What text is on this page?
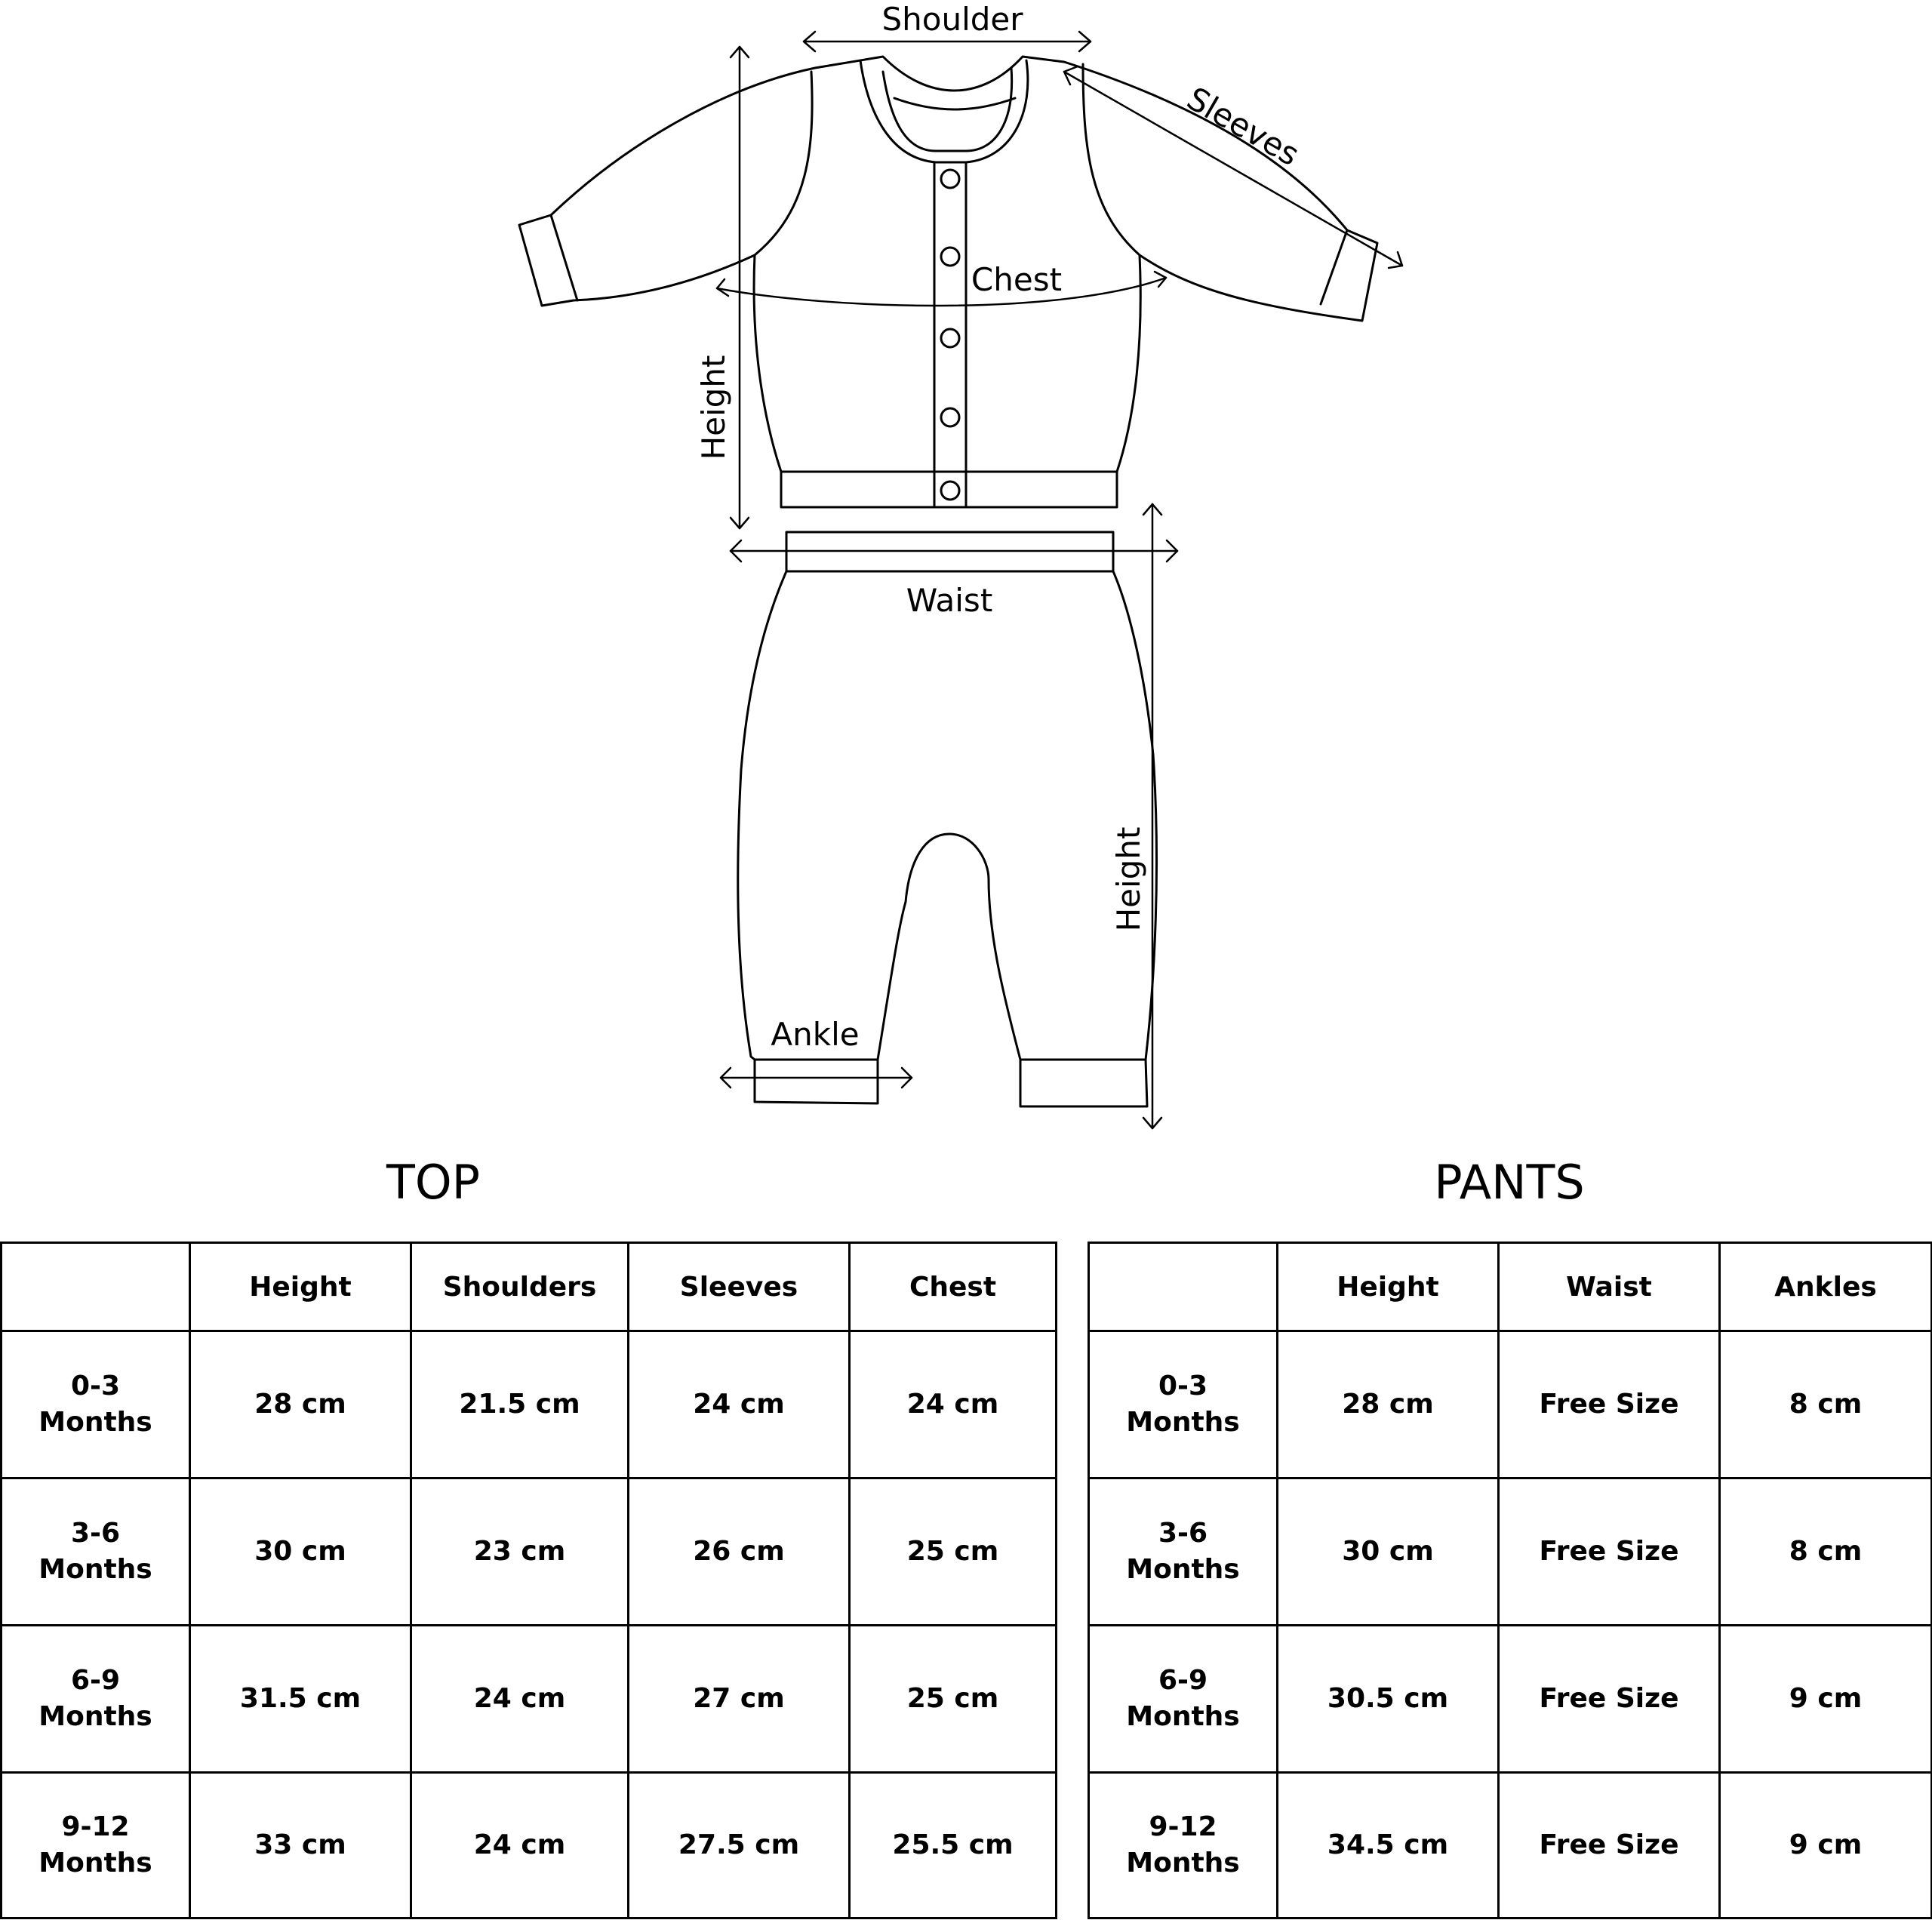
Shoulder
Sleeves
Chest
Height
Waist
Height
Ankle
TOP	PANTS
	Height	Shoulders	Sleeves	Chest
0-3
Months	28 cm	21.5 cm	24 cm	24 cm
3-6
Months	30 cm	23 cm	26 cm	25 cm
6-9
Months	31.5 cm	24 cm	27 cm	25 cm
9-12
Months	33 cm	24 cm	27.5 cm	25.5 cm
	Height	Waist	Ankles
0-3
Months	28 cm	Free Size	8 cm
3-6
Months	30 cm	Free Size	8 cm
6-9
Months	30.5 cm	Free Size	9 cm
9-12
Months	34.5 cm	Free Size	9 cm
